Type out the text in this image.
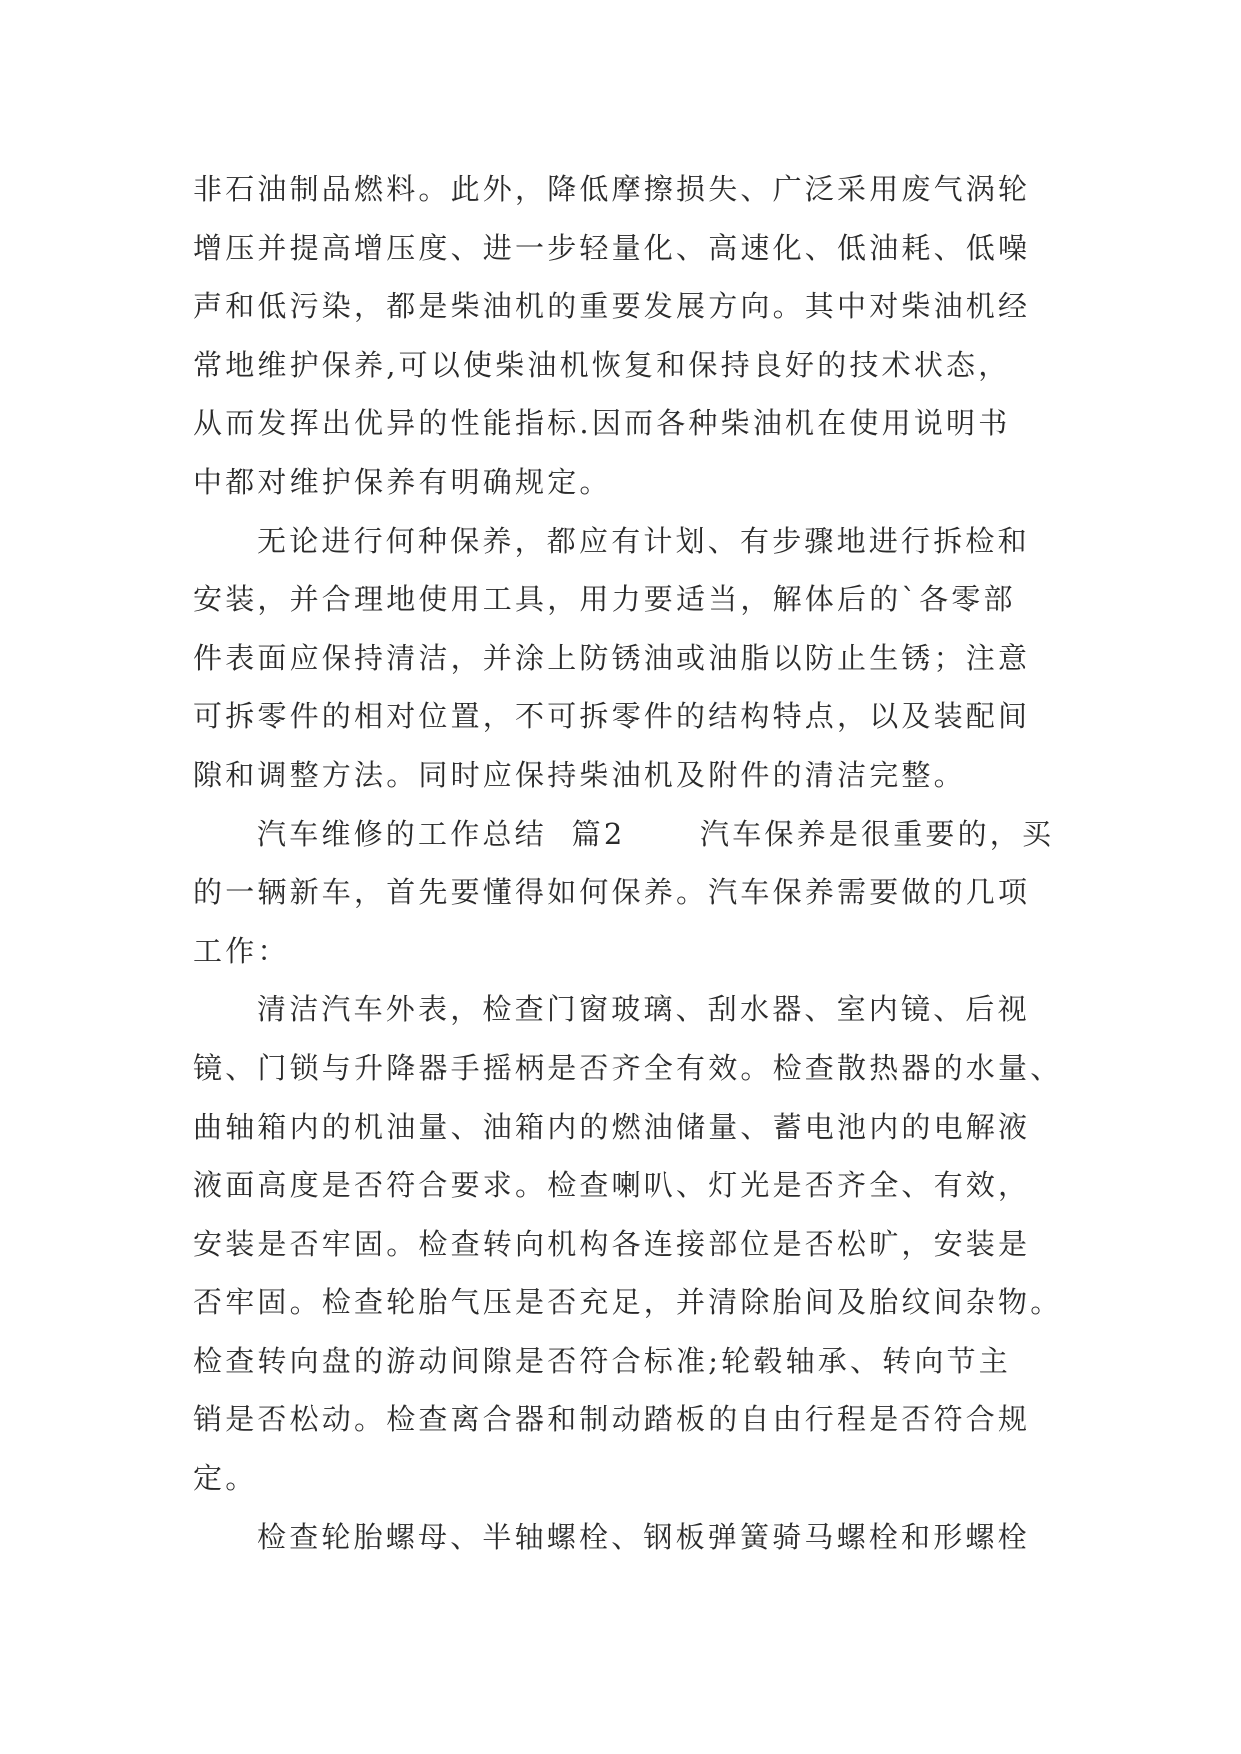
非石油制品燃料。此外，降低摩擦损失、广泛采用废气涡轮
增压并提高增压度、进一步轻量化、高速化、低油耗、低噪
声和低污染，都是柴油机的重要发展方向。其中对柴油机经
常地维护保养,可以使柴油机恢复和保持良好的技术状态，
从而发挥出优异的性能指标.因而各种柴油机在使用说明书
中都对维护保养有明确规定。
无论进行何种保养，都应有计划、有步骤地进行拆检和
安装，并合理地使用工具，用力要适当，解体后的`各零部
件表面应保持清洁，并涂上防锈油或油脂以防止生锈；注意
可拆零件的相对位置，不可拆零件的结构特点，以及装配间
隙和调整方法。同时应保持柴油机及附件的清洁完整。
汽车维修的工作总结  篇2      汽车保养是很重要的，买
的一辆新车，首先要懂得如何保养。汽车保养需要做的几项
工作：
清洁汽车外表，检查门窗玻璃、刮水器、室内镜、后视
镜、门锁与升降器手摇柄是否齐全有效。检查散热器的水量、
曲轴箱内的机油量、油箱内的燃油储量、蓄电池内的电解液
液面高度是否符合要求。检查喇叭、灯光是否齐全、有效，
安装是否牢固。检查转向机构各连接部位是否松旷，安装是
否牢固。检查轮胎气压是否充足，并清除胎间及胎纹间杂物。
检查转向盘的游动间隙是否符合标准;轮毂轴承、转向节主
销是否松动。检查离合器和制动踏板的自由行程是否符合规
定。
检查轮胎螺母、半轴螺栓、钢板弹簧骑马螺栓和形螺栓
